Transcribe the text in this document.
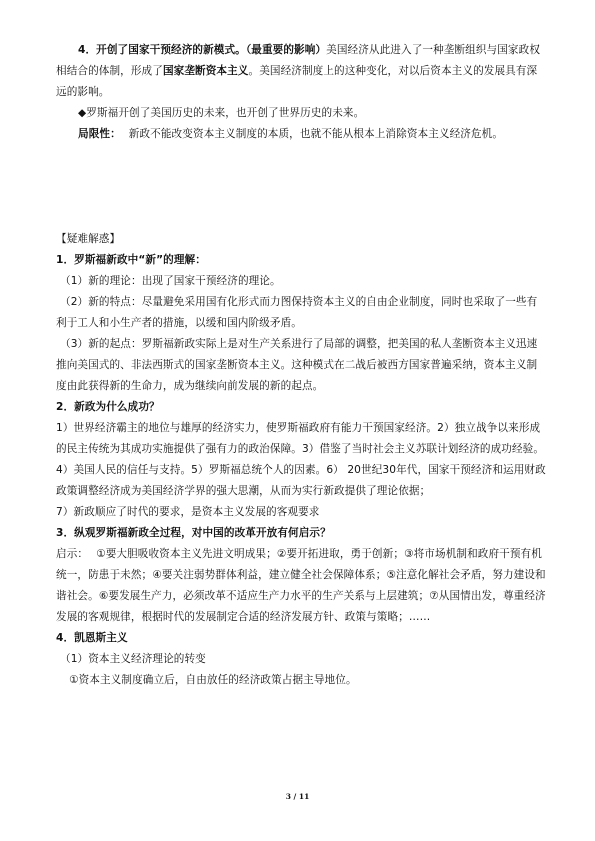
4．开创了国家干预经济的新模式。（最重要的影响）美国经济从此进入了一种垄断组织与国家政权相结合的体制，形成了国家垄断资本主义。美国经济制度上的这种变化，对以后资本主义的发展具有深远的影响。

◆罗斯福开创了美国历史的未来，也开创了世界历史的未来。

局限性： 新政不能改变资本主义制度的本质，也就不能从根本上消除资本主义经济危机。

【疑难解惑】

1．罗斯福新政中“新”的理解：

（1）新的理论：出现了国家干预经济的理论。

（2）新的特点：尽量避免采用国有化形式而力图保持资本主义的自由企业制度，同时也采取了一些有利于工人和小生产者的措施，以缓和国内阶级矛盾。

（3）新的起点：罗斯福新政实际上是对生产关系进行了局部的调整，把美国的私人垄断资本主义迅速推向美国式的、非法西斯式的国家垄断资本主义。这种模式在二战后被西方国家普遍采纳，资本主义制度由此获得新的生命力，成为继续向前发展的新的起点。

2．新政为什么成功？

1）世界经济霸主的地位与雄厚的经济实力，使罗斯福政府有能力干预国家经济。2）独立战争以来形成的民主传统为其成功实施提供了强有力的政治保障。3）借鉴了当时社会主义苏联计划经济的成功经验。

4）美国人民的信任与支持。5）罗斯福总统个人的因素。6） 20世纪30年代，国家干预经济和运用财政政策调整经济成为美国经济学界的强大思潮，从而为实行新政提供了理论依据；

7）新政顺应了时代的要求，是资本主义发展的客观要求

3．纵观罗斯福新政全过程，对中国的改革开放有何启示？

启示： ①要大胆吸收资本主义先进文明成果；②要开拓进取，勇于创新；③将市场机制和政府干预有机统一，防患于未然；④要关注弱势群体利益，建立健全社会保障体系；⑤注意化解社会矛盾，努力建设和谐社会。⑥要发展生产力，必须改革不适应生产力水平的生产关系与上层建筑；⑦从国情出发，尊重经济发展的客观规律，根据时代的发展制定合适的经济发展方针、政策与策略；……

4．凯恩斯主义

（1）资本主义经济理论的转变

①资本主义制度确立后，自由放任的经济政策占据主导地位。

3 / 11
